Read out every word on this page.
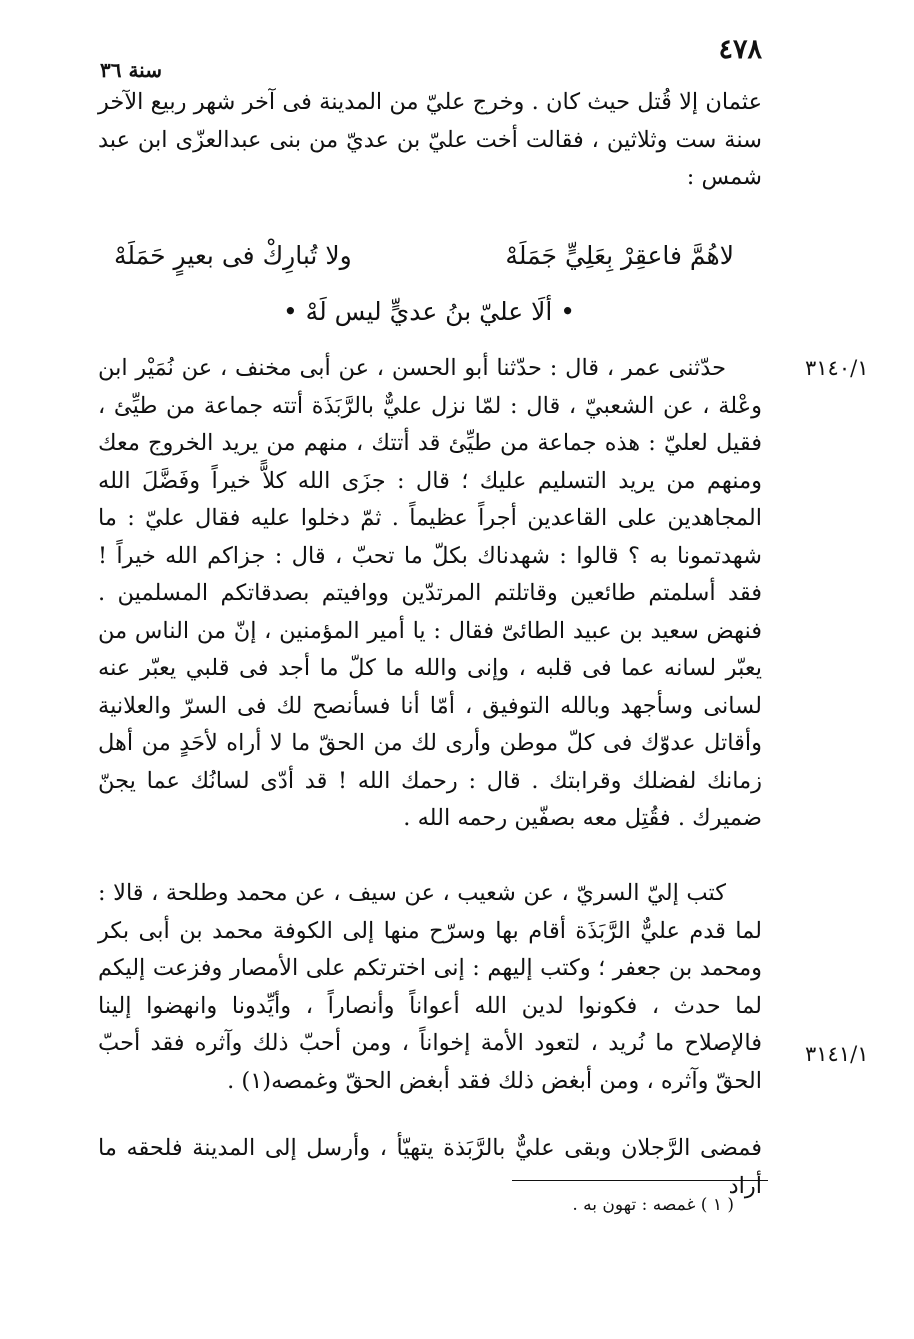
٤٧٨
سنة ٣٦

عثمان إلا قُتل حيث كان . وخرج عليّ من المدينة فى آخر شهر ربيع الآخر سنة ست وثلاثين ، فقالت أخت عليّ بن عديّ من بنى عبدالعزّى ابن عبد شمس :

لاهُمَّ فاعقِرْ بِعَلِيٍّ جَمَلَهْ
ولا تُبارِكْ فى بعيرٍ حَمَلَهْ
• ألَا عليّ بنُ عديٍّ ليس لَهْ •
٣١٤٠/١

حدّثنى عمر ، قال : حدّثنا أبو الحسن ، عن أبى مخنف ، عن نُمَيْر ابن وعْلة ، عن الشعبيّ ، قال : لمّا نزل عليٌّ بالرَّبَذَة أتته جماعة من طيِّئ ، فقيل لعليّ : هذه جماعة من طيِّئ قد أتتك ، منهم من يريد الخروج معك ومنهم من يريد التسليم عليك ؛ قال : جزَى الله كلاًّ خيراً وفَضَّلَ الله المجاهدين على القاعدين أجراً عظيماً . ثمّ دخلوا عليه فقال عليّ : ما شهدتمونا به ؟ قالوا : شهدناك بكلّ ما تحبّ ، قال : جزاكم الله خيراً ! فقد أسلمتم طائعين وقاتلتم المرتدّين ووافيتم بصدقاتكم المسلمين . فنهض سعيد بن عبيد الطائىّ فقال : يا أمير المؤمنين ، إنّ من الناس من يعبّر لسانه عما فى قلبه ، وإنى والله ما كلّ ما أجد فى قلبي يعبّر عنه لسانى وسأجهد وبالله التوفيق ، أمّا أنا فسأنصح لك فى السرّ والعلانية وأقاتل عدوّك فى كلّ موطن وأرى لك من الحقّ ما لا أراه لأحَدٍ من أهل زمانك لفضلك وقرابتك . قال : رحمك الله ! قد أدّى لسانُك عما يجنّ ضميرك . فقُتِل معه بصفّين رحمه الله .

كتب إليّ السريّ ، عن شعيب ، عن سيف ، عن محمد وطلحة ، قالا : لما قدم عليٌّ الرَّبَذَة أقام بها وسرّح منها إلى الكوفة محمد بن أبى بكر ومحمد بن جعفر ؛ وكتب إليهم : إنى اخترتكم على الأمصار وفزعت إليكم لما حدث ، فكونوا لدين الله أعواناً وأنصاراً ، وأيِّدونا وانهضوا إلينا فالإصلاح ما نُريد ، لتعود الأمة إخواناً ، ومن أحبّ ذلك وآثره فقد أحبّ الحقّ وآثره ، ومن أبغض ذلك فقد أبغض الحقّ وغمصه(١) .

٣١٤١/١

فمضى الرَّجلان وبقى عليٌّ بالرَّبَذة يتهيّأ ، وأرسل إلى المدينة فلحقه ما أراد

( ١ ) غمصه : تهون به .
